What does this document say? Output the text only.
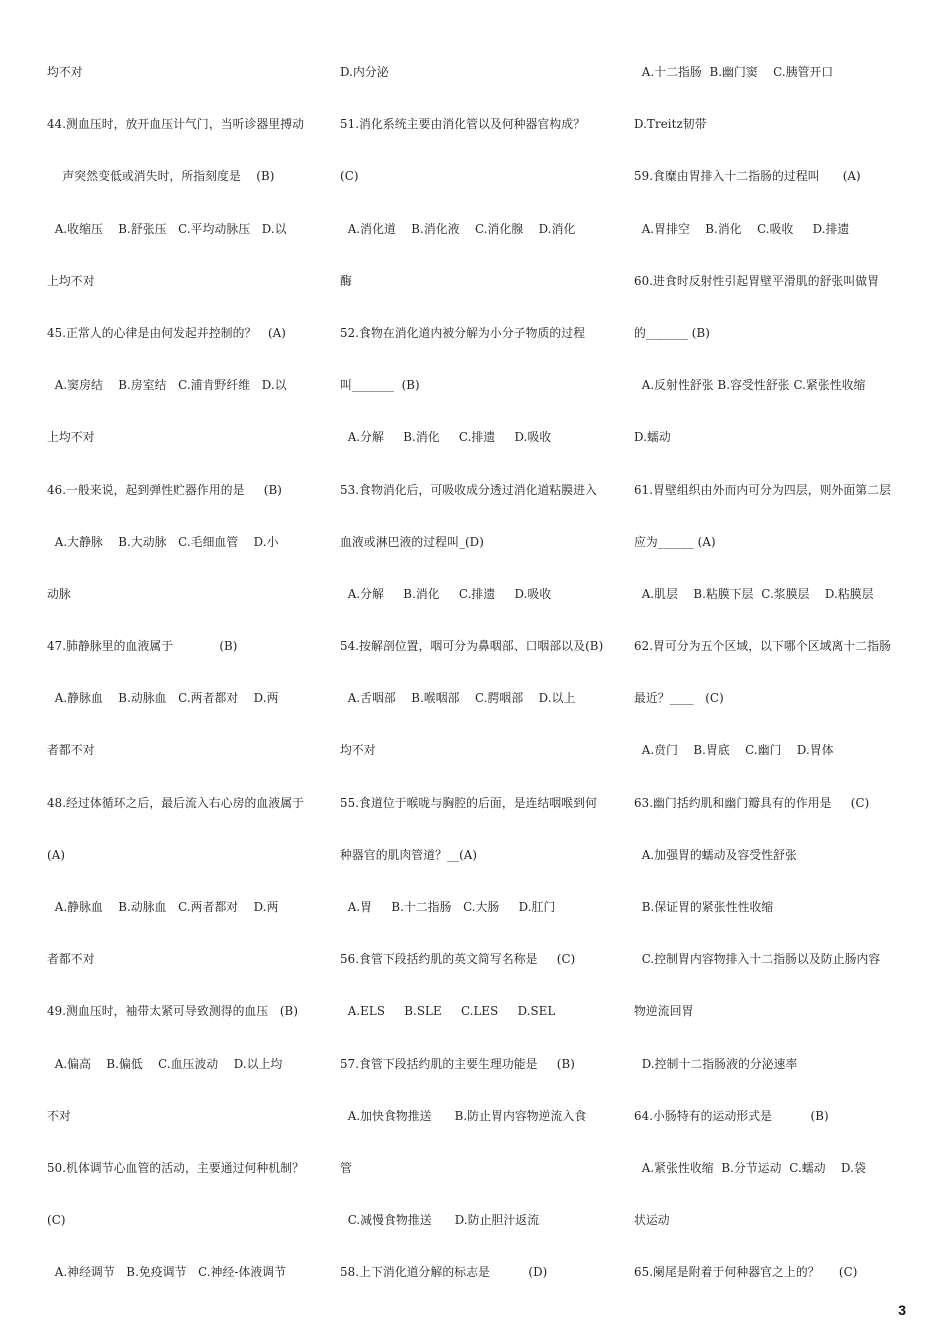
均不对
44.测血压时，放开血压计气门，当听诊器里搏动
声突然变低或消失时，所指刻度是    (B)
A.收缩压    B.舒张压   C.平均动脉压   D.以
上均不对
45.正常人的心律是由何发起并控制的？   (A)
A.窦房结    B.房室结   C.浦肯野纤维   D.以
上均不对
46.一般来说，起到弹性贮器作用的是     (B)
A.大静脉    B.大动脉   C.毛细血管    D.小
动脉
47.肺静脉里的血液属于            (B)
A.静脉血    B.动脉血   C.两者都对    D.两
者都不对
48.经过体循环之后，最后流入右心房的血液属于
(A)
A.静脉血    B.动脉血   C.两者都对    D.两
者都不对
49.测血压时，袖带太紧可导致测得的血压   (B)
A.偏高    B.偏低    C.血压波动    D.以上均
不对
50.机体调节心血管的活动，主要通过何种机制？
(C)
A.神经调节   B.免疫调节   C.神经-体液调节
D.内分泌
51.消化系统主要由消化管以及何种器官构成？
(C)
A.消化道    B.消化液    C.消化腺    D.消化
酶
52.食物在消化道内被分解为小分子物质的过程
叫_______  (B)
A.分解     B.消化     C.排遗     D.吸收
53.食物消化后，可吸收成分透过消化道粘膜进入
血液或淋巴液的过程叫_(D)
A.分解     B.消化     C.排遗     D.吸收
54.按解剖位置，咽可分为鼻咽部、口咽部以及(B)
A.舌咽部    B.喉咽部    C.腭咽部    D.以上
均不对
55.食道位于喉咙与胸腔的后面，是连结咽喉到何
种器官的肌肉管道？__(A)
A.胃     B.十二指肠   C.大肠     D.肛门
56.食管下段括约肌的英文简写名称是     (C)
A.ELS     B.SLE     C.LES     D.SEL
57.食管下段括约肌的主要生理功能是     (B)
A.加快食物推送      B.防止胃内容物逆流入食
管
C.减慢食物推送      D.防止胆汁返流
58.上下消化道分解的标志是          (D)
A.十二指肠  B.幽门窦    C.胰管开口
D.Treitz韧带
59.食糜由胃排入十二指肠的过程叫      (A)
A.胃排空    B.消化    C.吸收     D.排遗
60.进食时反射性引起胃壁平滑肌的舒张叫做胃
的_______ (B)
A.反射性舒张 B.容受性舒张 C.紧张性收缩
D.蠕动
61.胃壁组织由外而内可分为四层，则外面第二层
应为______ (A)
A.肌层    B.粘膜下层  C.浆膜层    D.粘膜层
62.胃可分为五个区域，以下哪个区域离十二指肠
最近？____   (C)
A.贲门    B.胃底    C.幽门    D.胃体
63.幽门括约肌和幽门瓣具有的作用是     (C)
A.加强胃的蠕动及容受性舒张
B.保证胃的紧张性性收缩
C.控制胃内容物排入十二指肠以及防止肠内容
物逆流回胃
D.控制十二指肠液的分泌速率
64.小肠特有的运动形式是          (B)
A.紧张性收缩  B.分节运动  C.蠕动    D.袋
状运动
65.阑尾是附着于何种器官之上的？     (C)
3
